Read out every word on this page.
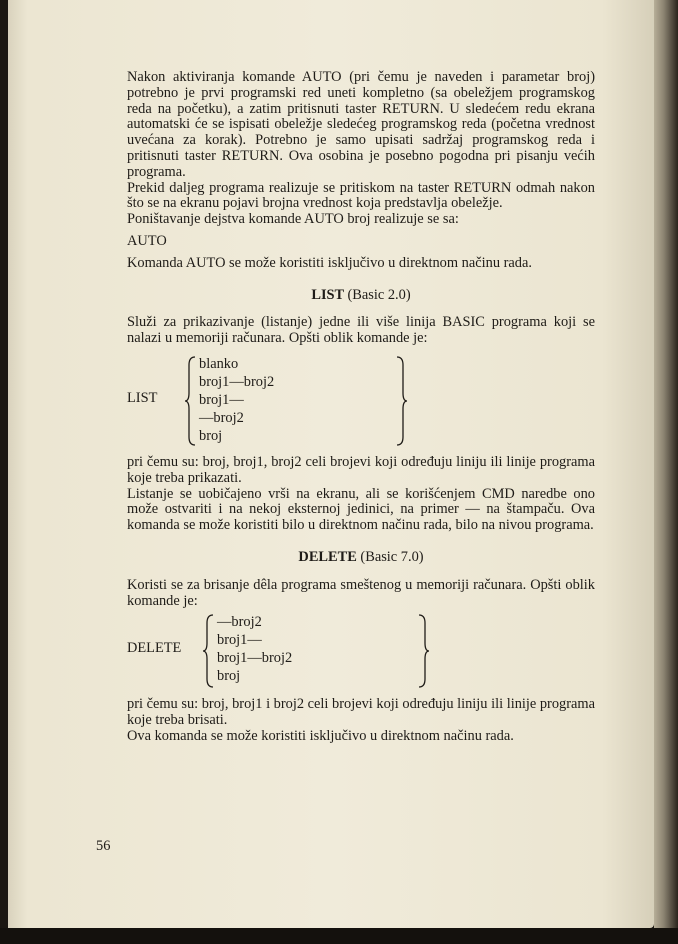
Nakon aktiviranja komande AUTO (pri čemu je naveden i parametar broj) potrebno je prvi programski red uneti kompletno (sa obeležjem programskog reda na početku), a zatim pritisnuti taster RETURN. U sledećem redu ekrana automatski će se ispisati obeležje sledećeg programskog reda (početna vrednost uvećana za korak). Potrebno je samo upisati sadržaj programskog reda i pritisnuti taster RETURN. Ova osobina je posebno pogodna pri pisanju većih programa.

Prekid daljeg programa realizuje se pritiskom na taster RETURN odmah nakon što se na ekranu pojavi brojna vrednost koja predstavlja obeležje.

Poništavanje dejstva komande AUTO broj realizuje se sa:

AUTO

Komanda AUTO se može koristiti isključivo u direktnom načinu rada.

LIST (Basic 2.0)

Služi za prikazivanje (listanje) jedne ili više linija BASIC programa koji se nalazi u memoriji računara. Opšti oblik komande je:

LIST
blanko
broj1—broj2
broj1—
—broj2
broj

pri čemu su: broj, broj1, broj2 celi brojevi koji određuju liniju ili linije programa koje treba prikazati.

Listanje se uobičajeno vrši na ekranu, ali se korišćenjem CMD naredbe ono može ostvariti i na nekoj eksternoj jedinici, na primer — na štampaču. Ova komanda se može koristiti bilo u direktnom načinu rada, bilo na nivou programa.

DELETE (Basic 7.0)

Koristi se za brisanje dêla programa smeštenog u memoriji računara. Opšti oblik komande je:

DELETE
—broj2
broj1—
broj1—broj2
broj

pri čemu su: broj, broj1 i broj2 celi brojevi koji određuju liniju ili linije programa koje treba brisati.

Ova komanda se može koristiti isključivo u direktnom načinu rada.

56
